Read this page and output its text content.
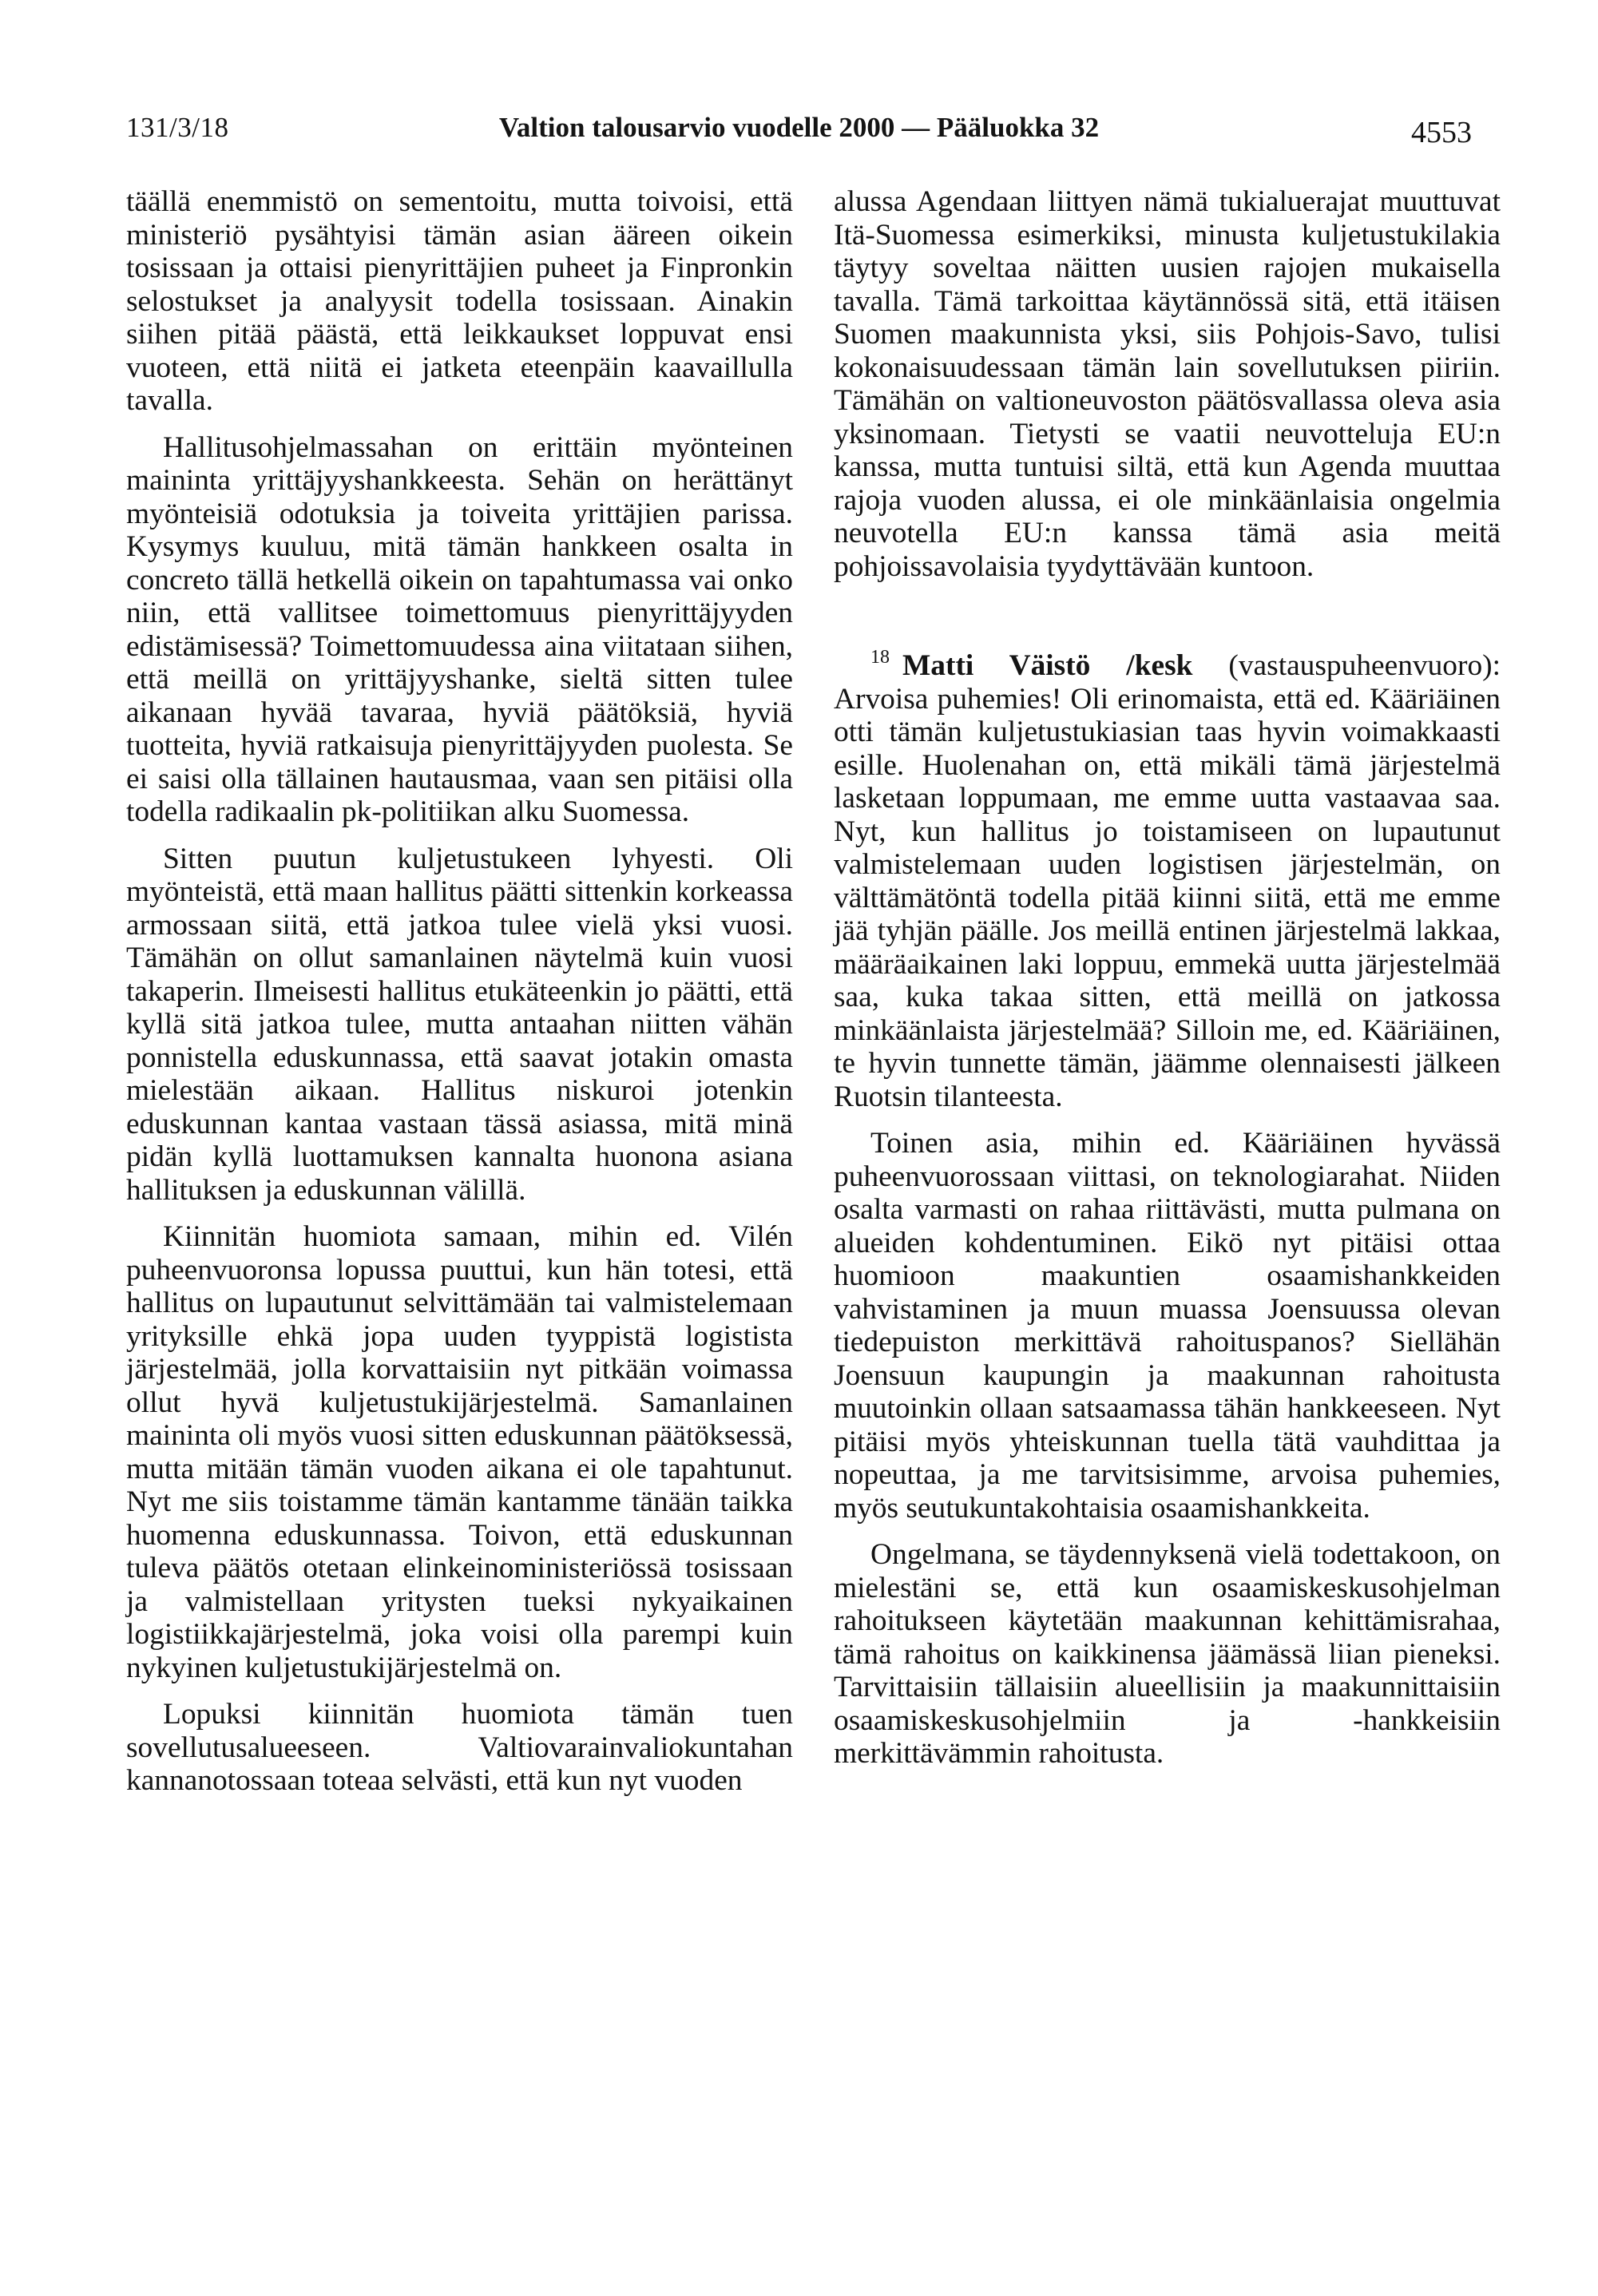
131/3/18	Valtion talousarvio vuodelle 2000 — Pääluokka 32	4553

täällä enemmistö on sementoitu, mutta toivoisi, että ministeriö pysähtyisi tämän asian ääreen oikein tosissaan ja ottaisi pienyrittäjien puheet ja Finpronkin selostukset ja analyysit todella tosissaan. Ainakin siihen pitää päästä, että leikkaukset loppuvat ensi vuoteen, että niitä ei jatketa eteenpäin kaavaillulla tavalla.

Hallitusohjelmassahan on erittäin myönteinen maininta yrittäjyyshankkeesta. Sehän on herättänyt myönteisiä odotuksia ja toiveita yrittäjien parissa. Kysymys kuuluu, mitä tämän hankkeen osalta in concreto tällä hetkellä oikein on tapahtumassa vai onko niin, että vallitsee toimettomuus pienyrittäjyyden edistämisessä? Toimettomuudessa aina viitataan siihen, että meillä on yrittäjyyshanke, sieltä sitten tulee aikanaan hyvää tavaraa, hyviä päätöksiä, hyviä tuotteita, hyviä ratkaisuja pienyrittäjyyden puolesta. Se ei saisi olla tällainen hautausmaa, vaan sen pitäisi olla todella radikaalin pk-politiikan alku Suomessa.

Sitten puutun kuljetustukeen lyhyesti. Oli myönteistä, että maan hallitus päätti sittenkin korkeassa armossaan siitä, että jatkoa tulee vielä yksi vuosi. Tämähän on ollut samanlainen näytelmä kuin vuosi takaperin. Ilmeisesti hallitus etukäteenkin jo päätti, että kyllä sitä jatkoa tulee, mutta antaahan niitten vähän ponnistella eduskunnassa, että saavat jotakin omasta mielestään aikaan. Hallitus niskuroi jotenkin eduskunnan kantaa vastaan tässä asiassa, mitä minä pidän kyllä luottamuksen kannalta huonona asiana hallituksen ja eduskunnan välillä.

Kiinnitän huomiota samaan, mihin ed. Vilén puheenvuoronsa lopussa puuttui, kun hän totesi, että hallitus on lupautunut selvittämään tai valmistelemaan yrityksille ehkä jopa uuden tyyppistä logistista järjestelmää, jolla korvattaisiin nyt pitkään voimassa ollut hyvä kuljetustukijärjestelmä. Samanlainen maininta oli myös vuosi sitten eduskunnan päätöksessä, mutta mitään tämän vuoden aikana ei ole tapahtunut. Nyt me siis toistamme tämän kantamme tänään taikka huomenna eduskunnassa. Toivon, että eduskunnan tuleva päätös otetaan elinkeinoministeriössä tosissaan ja valmistellaan yritysten tueksi nykyaikainen logistiikkajärjestelmä, joka voisi olla parempi kuin nykyinen kuljetustukijärjestelmä on.

Lopuksi kiinnitän huomiota tämän tuen sovellutusalueeseen. Valtiovarainvaliokuntahan kannanotossaan toteaa selvästi, että kun nyt vuoden

alussa Agendaan liittyen nämä tukialuerajat muuttuvat Itä-Suomessa esimerkiksi, minusta kuljetustukilakia täytyy soveltaa näitten uusien rajojen mukaisella tavalla. Tämä tarkoittaa käytännössä sitä, että itäisen Suomen maakunnista yksi, siis Pohjois-Savo, tulisi kokonaisuudessaan tämän lain sovellutuksen piiriin. Tämähän on valtioneuvoston päätösvallassa oleva asia yksinomaan. Tietysti se vaatii neuvotteluja EU:n kanssa, mutta tuntuisi siltä, että kun Agenda muuttaa rajoja vuoden alussa, ei ole minkäänlaisia ongelmia neuvotella EU:n kanssa tämä asia meitä pohjoissavolaisia tyydyttävään kuntoon.

$^{18}$ Matti Väistö /kesk (vastauspuheenvuoro): Arvoisa puhemies! Oli erinomaista, että ed. Kääriäinen otti tämän kuljetustukiasian taas hyvin voimakkaasti esille. Huolenahan on, että mikäli tämä järjestelmä lasketaan loppumaan, me emme uutta vastaavaa saa. Nyt, kun hallitus jo toistamiseen on lupautunut valmistelemaan uuden logistisen järjestelmän, on välttämätöntä todella pitää kiinni siitä, että me emme jää tyhjän päälle. Jos meillä entinen järjestelmä lakkaa, määräaikainen laki loppuu, emmekä uutta järjestelmää saa, kuka takaa sitten, että meillä on jatkossa minkäänlaista järjestelmää? Silloin me, ed. Kääriäinen, te hyvin tunnette tämän, jäämme olennaisesti jälkeen Ruotsin tilanteesta.

Toinen asia, mihin ed. Kääriäinen hyvässä puheenvuorossaan viittasi, on teknologiarahat. Niiden osalta varmasti on rahaa riittävästi, mutta pulmana on alueiden kohdentuminen. Eikö nyt pitäisi ottaa huomioon maakuntien osaamishankkeiden vahvistaminen ja muun muassa Joensuussa olevan tiedepuiston merkittävä rahoituspanos? Siellähän Joensuun kaupungin ja maakunnan rahoitusta muutoinkin ollaan satsaamassa tähän hankkeeseen. Nyt pitäisi myös yhteiskunnan tuella tätä vauhdittaa ja nopeuttaa, ja me tarvitsisimme, arvoisa puhemies, myös seutukuntakohtaisia osaamishankkeita.

Ongelmana, se täydennyksenä vielä todettakoon, on mielestäni se, että kun osaamiskeskusohjelman rahoitukseen käytetään maakunnan kehittämisrahaa, tämä rahoitus on kaikkinensa jäämässä liian pieneksi. Tarvittaisiin tällaisiin alueellisiin ja maakunnittaisiin osaamiskeskusohjelmiin ja -hankkeisiin merkittävämmin rahoitusta.
